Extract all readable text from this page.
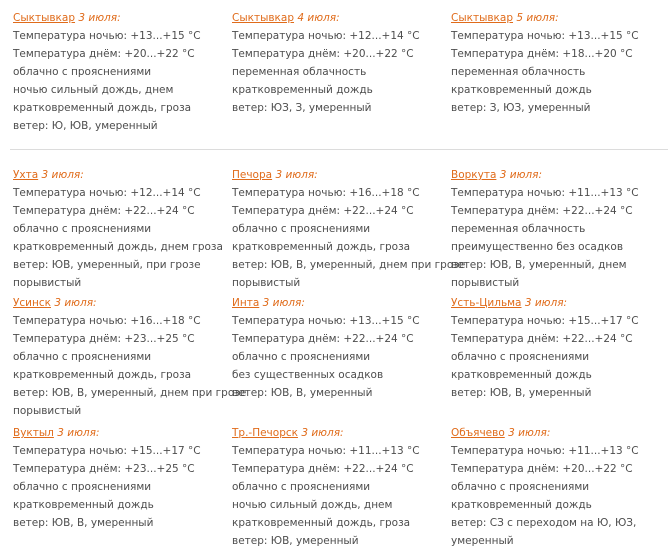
Сыктывкар 3 июля:
Температура ночью: +13...+15 °C
Температура днём: +20...+22 °C
облачно с прояснениями
ночью сильный дождь, днем
кратковременный дождь, гроза
ветер: Ю, ЮВ, умеренный
Сыктывкар 4 июля:
Температура ночью: +12...+14 °C
Температура днём: +20...+22 °C
переменная облачность
кратковременный дождь
ветер: ЮЗ, З, умеренный
Сыктывкар 5 июля:
Температура ночью: +13...+15 °C
Температура днём: +18...+20 °C
переменная облачность
кратковременный дождь
ветер: З, ЮЗ, умеренный
Ухта 3 июля:
Температура ночью: +12...+14 °C
Температура днём: +22...+24 °C
облачно с прояснениями
кратковременный дождь, днем гроза
ветер: ЮВ, умеренный, при грозе
порывистый
Печора 3 июля:
Температура ночью: +16...+18 °C
Температура днём: +22...+24 °C
облачно с прояснениями
кратковременный дождь, гроза
ветер: ЮВ, В, умеренный, днем при грозе
порывистый
Воркута 3 июля:
Температура ночью: +11...+13 °C
Температура днём: +22...+24 °C
переменная облачность
преимущественно без осадков
ветер: ЮВ, В, умеренный, днем
порывистый
Усинск 3 июля:
Температура ночью: +16...+18 °C
Температура днём: +23...+25 °C
облачно с прояснениями
кратковременный дождь, гроза
ветер: ЮВ, В, умеренный, днем при грозе
порывистый
Инта 3 июля:
Температура ночью: +13...+15 °C
Температура днём: +22...+24 °C
облачно с прояснениями
без существенных осадков
ветер: ЮВ, В, умеренный
Усть-Цильма 3 июля:
Температура ночью: +15...+17 °C
Температура днём: +22...+24 °C
облачно с прояснениями
кратковременный дождь
ветер: ЮВ, В, умеренный
Вуктыл 3 июля:
Температура ночью: +15...+17 °C
Температура днём: +23...+25 °C
облачно с прояснениями
кратковременный дождь
ветер: ЮВ, В, умеренный
Тр.-Печорск 3 июля:
Температура ночью: +11...+13 °C
Температура днём: +22...+24 °C
облачно с прояснениями
ночью сильный дождь, днем
кратковременный дождь, гроза
ветер: ЮВ, умеренный
Объячево 3 июля:
Температура ночью: +11...+13 °C
Температура днём: +20...+22 °C
облачно с прояснениями
кратковременный дождь
ветер: СЗ с переходом на Ю, ЮЗ,
умеренный
